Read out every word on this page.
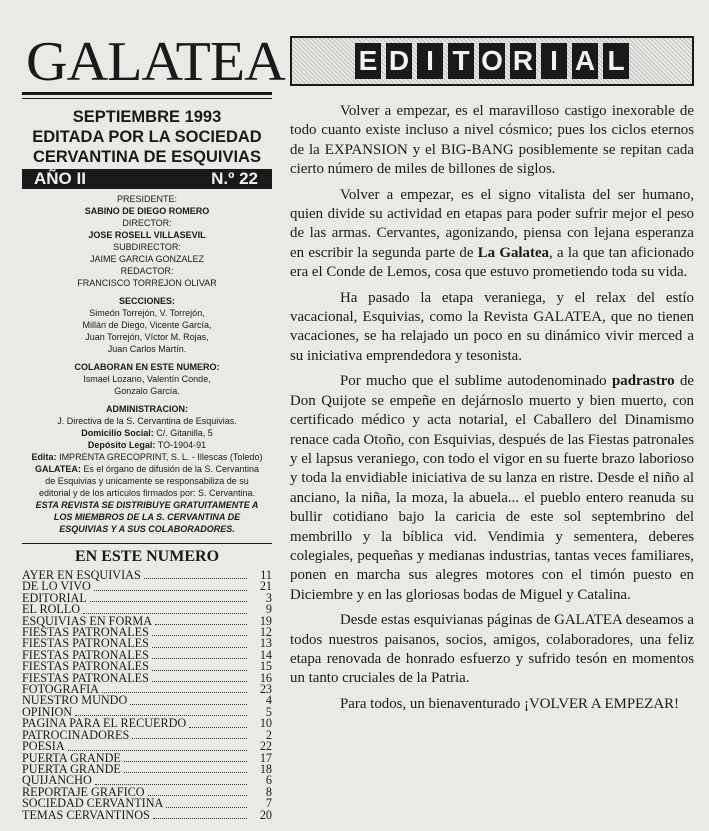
GALATEA
SEPTIEMBRE 1993
EDITADA POR LA SOCIEDAD
CERVANTINA DE ESQUIVIAS
AÑO II	N.º 22
PRESIDENTE:
SABINO DE DIEGO ROMERO
DIRECTOR:
JOSE ROSELL VILLASEVIL
SUBDIRECTOR:
JAIME GARCIA GONZALEZ
REDACTOR:
FRANCISCO TORREJON OLIVAR
SECCIONES:
Simeón Torrejón, V. Torrejón,
Millán de Diego, Vicente García,
Juan Torrejón, Víctor M. Rojas,
Juan Carlos Martín.
COLABORAN EN ESTE NUMERO:
Ismael Lozano, Valentín Conde,
Gonzalo García.
ADMINISTRACION:
J. Directiva de la S. Cervantina de Esquivias.
Domicilio Social: C/. Gitanilla, 5
Depósito Legal: TO-1904-91
Edita: IMPRENTA GRECOPRINT, S. L. - Illescas (Toledo)
GALATEA: Es el órgano de difusión de la S. Cervantina
de Esquivias y unicamente se responsabiliza de su
editorial y de los artículos firmados por: S. Cervantina.
ESTA REVISTA SE DISTRIBUYE GRATUITAMENTE A
LOS MIEMBROS DE LA S. CERVANTINA DE
ESQUIVIAS Y A SUS COLABORADORES.
EN ESTE NUMERO
AYER EN ESQUIVIAS	11
DE LO VIVO	21
EDITORIAL	3
EL ROLLO	9
ESQUIVIAS EN FORMA	19
FIESTAS PATRONALES	12
FIESTAS PATRONALES	13
FIESTAS PATRONALES	14
FIESTAS PATRONALES	15
FIESTAS PATRONALES	16
FOTOGRAFIA	23
NUESTRO MUNDO	4
OPINION	5
PAGINA PARA EL RECUERDO	10
PATROCINADORES	2
POESIA	22
PUERTA GRANDE	17
PUERTA GRANDE	18
QUIJANCHO	6
REPORTAJE GRAFICO	8
SOCIEDAD CERVANTINA	7
TEMAS CERVANTINOS	20
E D I T O R I A L

Volver a empezar, es el maravilloso castigo inexorable de todo cuanto existe incluso a nivel cósmico; pues los ciclos eternos de la EXPANSION y el BIG-BANG posiblemente se repitan cada cierto número de miles de billones de siglos.

Volver a empezar, es el signo vitalista del ser humano, quien divide su actividad en etapas para poder sufrir mejor el peso de las armas. Cervantes, agonizando, piensa con lejana esperanza en escribir la segunda parte de La Galatea, a la que tan aficionado era el Conde de Lemos, cosa que estuvo prometiendo toda su vida.

Ha pasado la etapa veraniega, y el relax del estío vacacional, Esquivias, como la Revista GALATEA, que no tienen vacaciones, se ha relajado un poco en su dinámico vivir merced a su iniciativa emprendedora y tesonista.

Por mucho que el sublime autodenominado padrastro de Don Quijote se empeñe en dejárnoslo muerto y bien muerto, con certificado médico y acta notarial, el Caballero del Dinamismo renace cada Otoño, con Esquivias, después de las Fiestas patronales y el lapsus veraniego, con todo el vigor en su fuerte brazo laborioso y toda la envidiable iniciativa de su lanza en ristre. Desde el niño al anciano, la niña, la moza, la abuela... el pueblo entero reanuda su bullir cotidiano bajo la caricia de este sol septembrino del membrillo y la bíblica vid. Vendimia y sementera, deberes colegiales, pequeñas y medianas industrias, tantas veces familiares, ponen en marcha sus alegres motores con el timón puesto en Diciembre y en las gloriosas bodas de Miguel y Catalina.

Desde estas esquivianas páginas de GALATEA deseamos a todos nuestros paisanos, socios, amigos, colaboradores, una feliz etapa renovada de honrado esfuerzo y sufrido tesón en momentos un tanto cruciales de la Patria.

Para todos, un bienaventurado ¡VOLVER A EMPEZAR!
